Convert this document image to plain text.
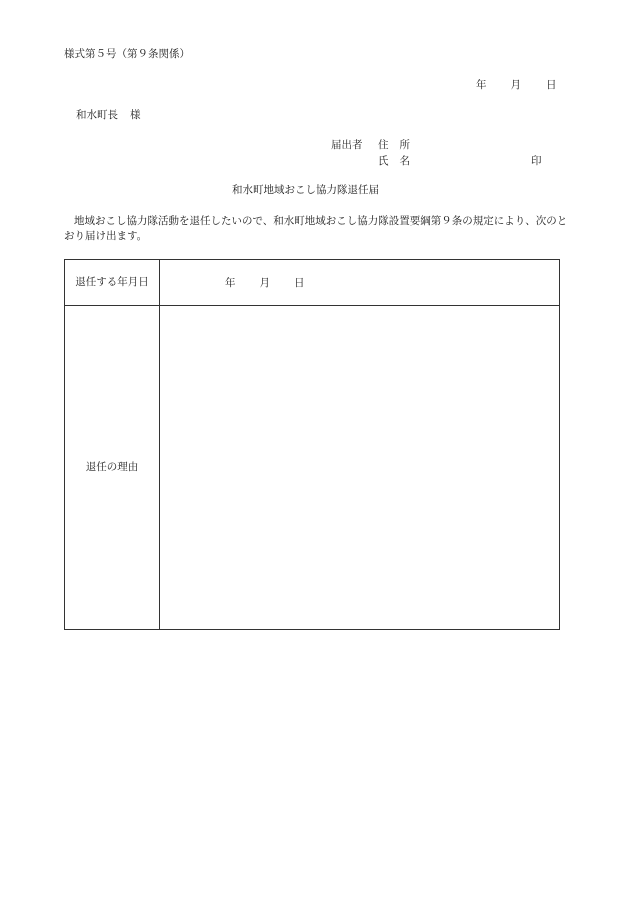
様式第５号（第９条関係）
年 月 日
和水町長 様
届出者 住所
氏名	印
和水町地域おこし協力隊退任届
地域おこし協力隊活動を退任したいので、和水町地域おこし協力隊設置要綱第９条の規定により、次のとおり届け出ます。
退任する年月日	年 月 日
退任の理由
